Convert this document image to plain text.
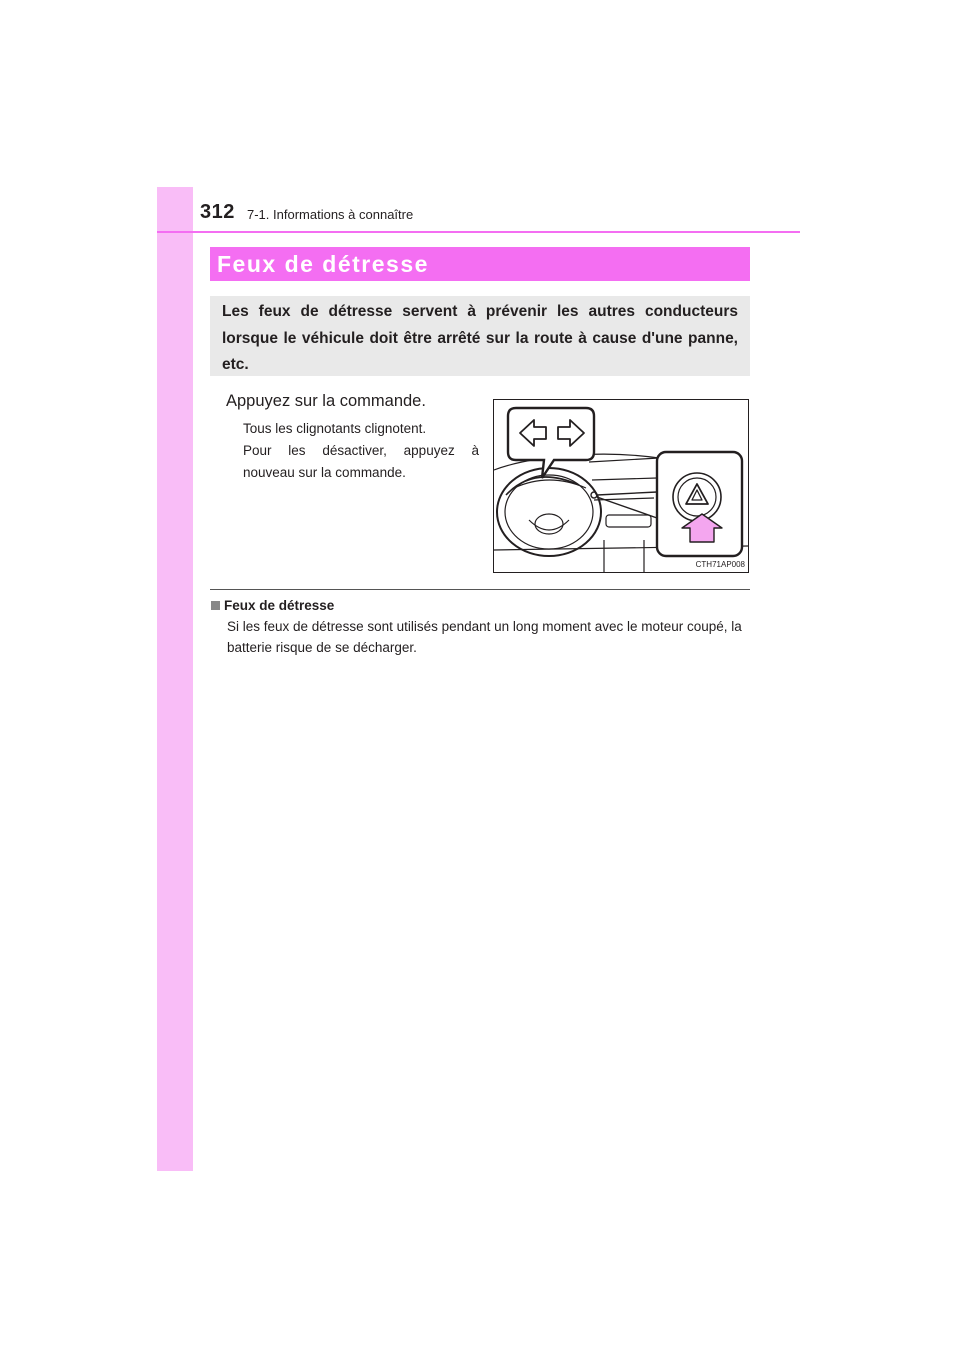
312 7-1. Informations à connaître
Feux de détresse
Les feux de détresse servent à prévenir les autres conducteurs lorsque le véhicule doit être arrêté sur la route à cause d'une panne, etc.
Appuyez sur la commande.

Tous les clignotants clignotent.

Pour les désactiver, appuyez à nouveau sur la commande.

CTH71AP008
Feux de détresse
Si les feux de détresse sont utilisés pendant un long moment avec le moteur coupé, la batterie risque de se décharger.
